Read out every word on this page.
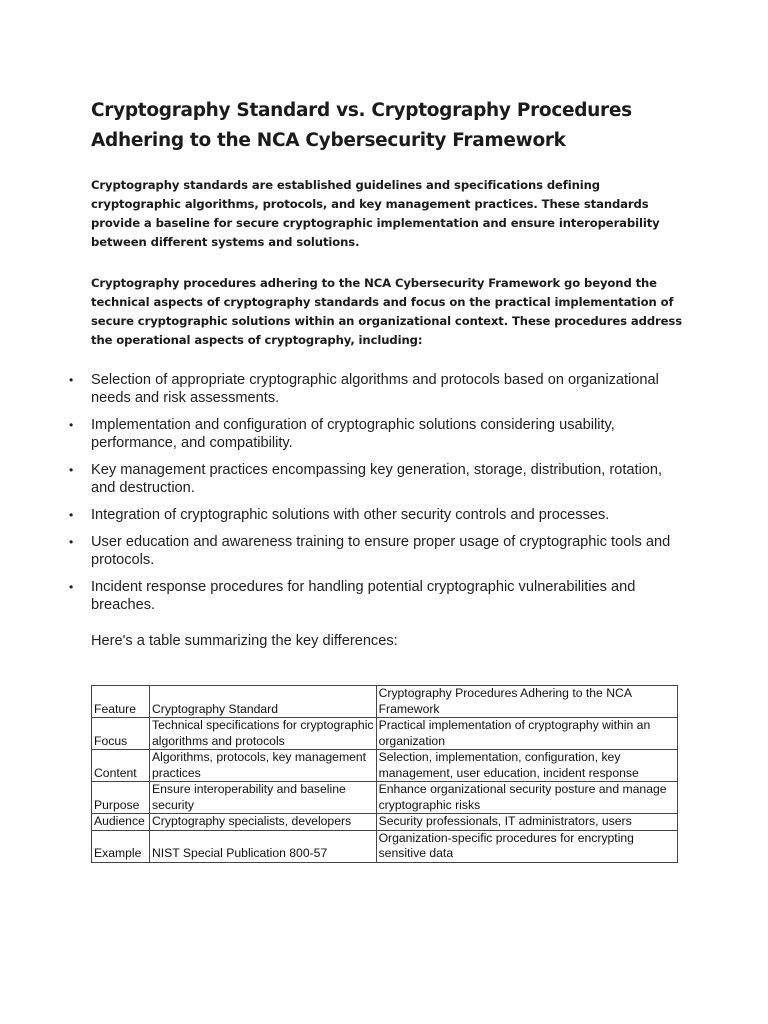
Cryptography Standard vs. Cryptography Procedures Adhering to the NCA Cybersecurity Framework

Cryptography standards are established guidelines and specifications defining cryptographic algorithms, protocols, and key management practices. These standards provide a baseline for secure cryptographic implementation and ensure interoperability between different systems and solutions.

Cryptography procedures adhering to the NCA Cybersecurity Framework go beyond the technical aspects of cryptography standards and focus on the practical implementation of secure cryptographic solutions within an organizational context. These procedures address the operational aspects of cryptography, including:

• Selection of appropriate cryptographic algorithms and protocols based on organizational needs and risk assessments.
• Implementation and configuration of cryptographic solutions considering usability, performance, and compatibility.
• Key management practices encompassing key generation, storage, distribution, rotation, and destruction.
• Integration of cryptographic solutions with other security controls and processes.
• User education and awareness training to ensure proper usage of cryptographic tools and protocols.
• Incident response procedures for handling potential cryptographic vulnerabilities and breaches.

Here's a table summarizing the key differences:

Feature	Cryptography Standard	Cryptography Procedures Adhering to the NCA Framework
Focus	Technical specifications for cryptographic algorithms and protocols	Practical implementation of cryptography within an organization
Content	Algorithms, protocols, key management practices	Selection, implementation, configuration, key management, user education, incident response
Purpose	Ensure interoperability and baseline security	Enhance organizational security posture and manage cryptographic risks
Audience	Cryptography specialists, developers	Security professionals, IT administrators, users
Example	NIST Special Publication 800-57	Organization-specific procedures for encrypting sensitive data
